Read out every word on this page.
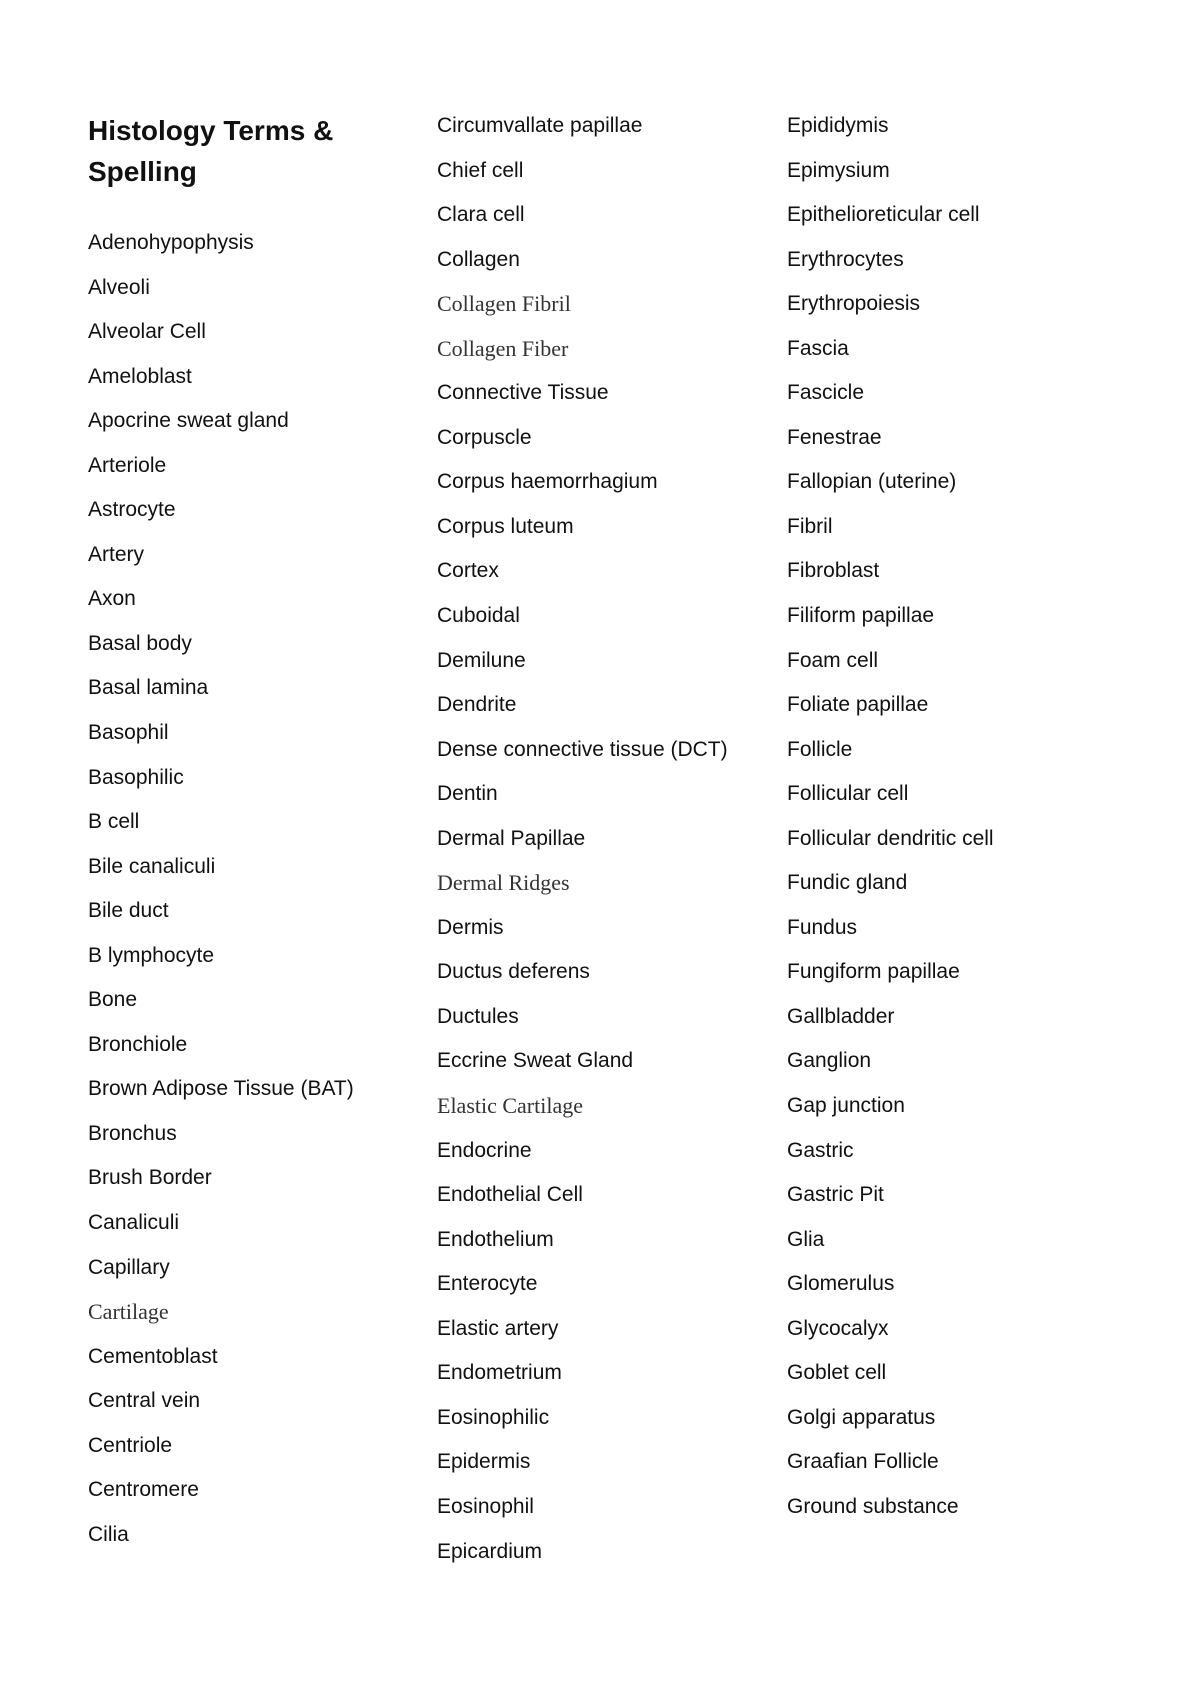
Histology Terms & Spelling
Adenohypophysis
Alveoli
Alveolar Cell
Ameloblast
Apocrine sweat gland
Arteriole
Astrocyte
Artery
Axon
Basal body
Basal lamina
Basophil
Basophilic
B cell
Bile canaliculi
Bile duct
B lymphocyte
Bone
Bronchiole
Brown Adipose Tissue (BAT)
Bronchus
Brush Border
Canaliculi
Capillary
Cartilage
Cementoblast
Central vein
Centriole
Centromere
Cilia
Circumvallate papillae
Chief cell
Clara cell
Collagen
Collagen Fibril
Collagen Fiber
Connective Tissue
Corpuscle
Corpus haemorrhagium
Corpus luteum
Cortex
Cuboidal
Demilune
Dendrite
Dense connective tissue (DCT)
Dentin
Dermal Papillae
Dermal Ridges
Dermis
Ductus deferens
Ductules
Eccrine Sweat Gland
Elastic Cartilage
Endocrine
Endothelial Cell
Endothelium
Enterocyte
Elastic artery
Endometrium
Eosinophilic
Epidermis
Eosinophil
Epicardium
Epididymis
Epimysium
Epithelioreticular cell
Erythrocytes
Erythropoiesis
Fascia
Fascicle
Fenestrae
Fallopian (uterine)
Fibril
Fibroblast
Filiform papillae
Foam cell
Foliate papillae
Follicle
Follicular cell
Follicular dendritic cell
Fundic gland
Fundus
Fungiform papillae
Gallbladder
Ganglion
Gap junction
Gastric
Gastric Pit
Glia
Glomerulus
Glycocalyx
Goblet cell
Golgi apparatus
Graafian Follicle
Ground substance
